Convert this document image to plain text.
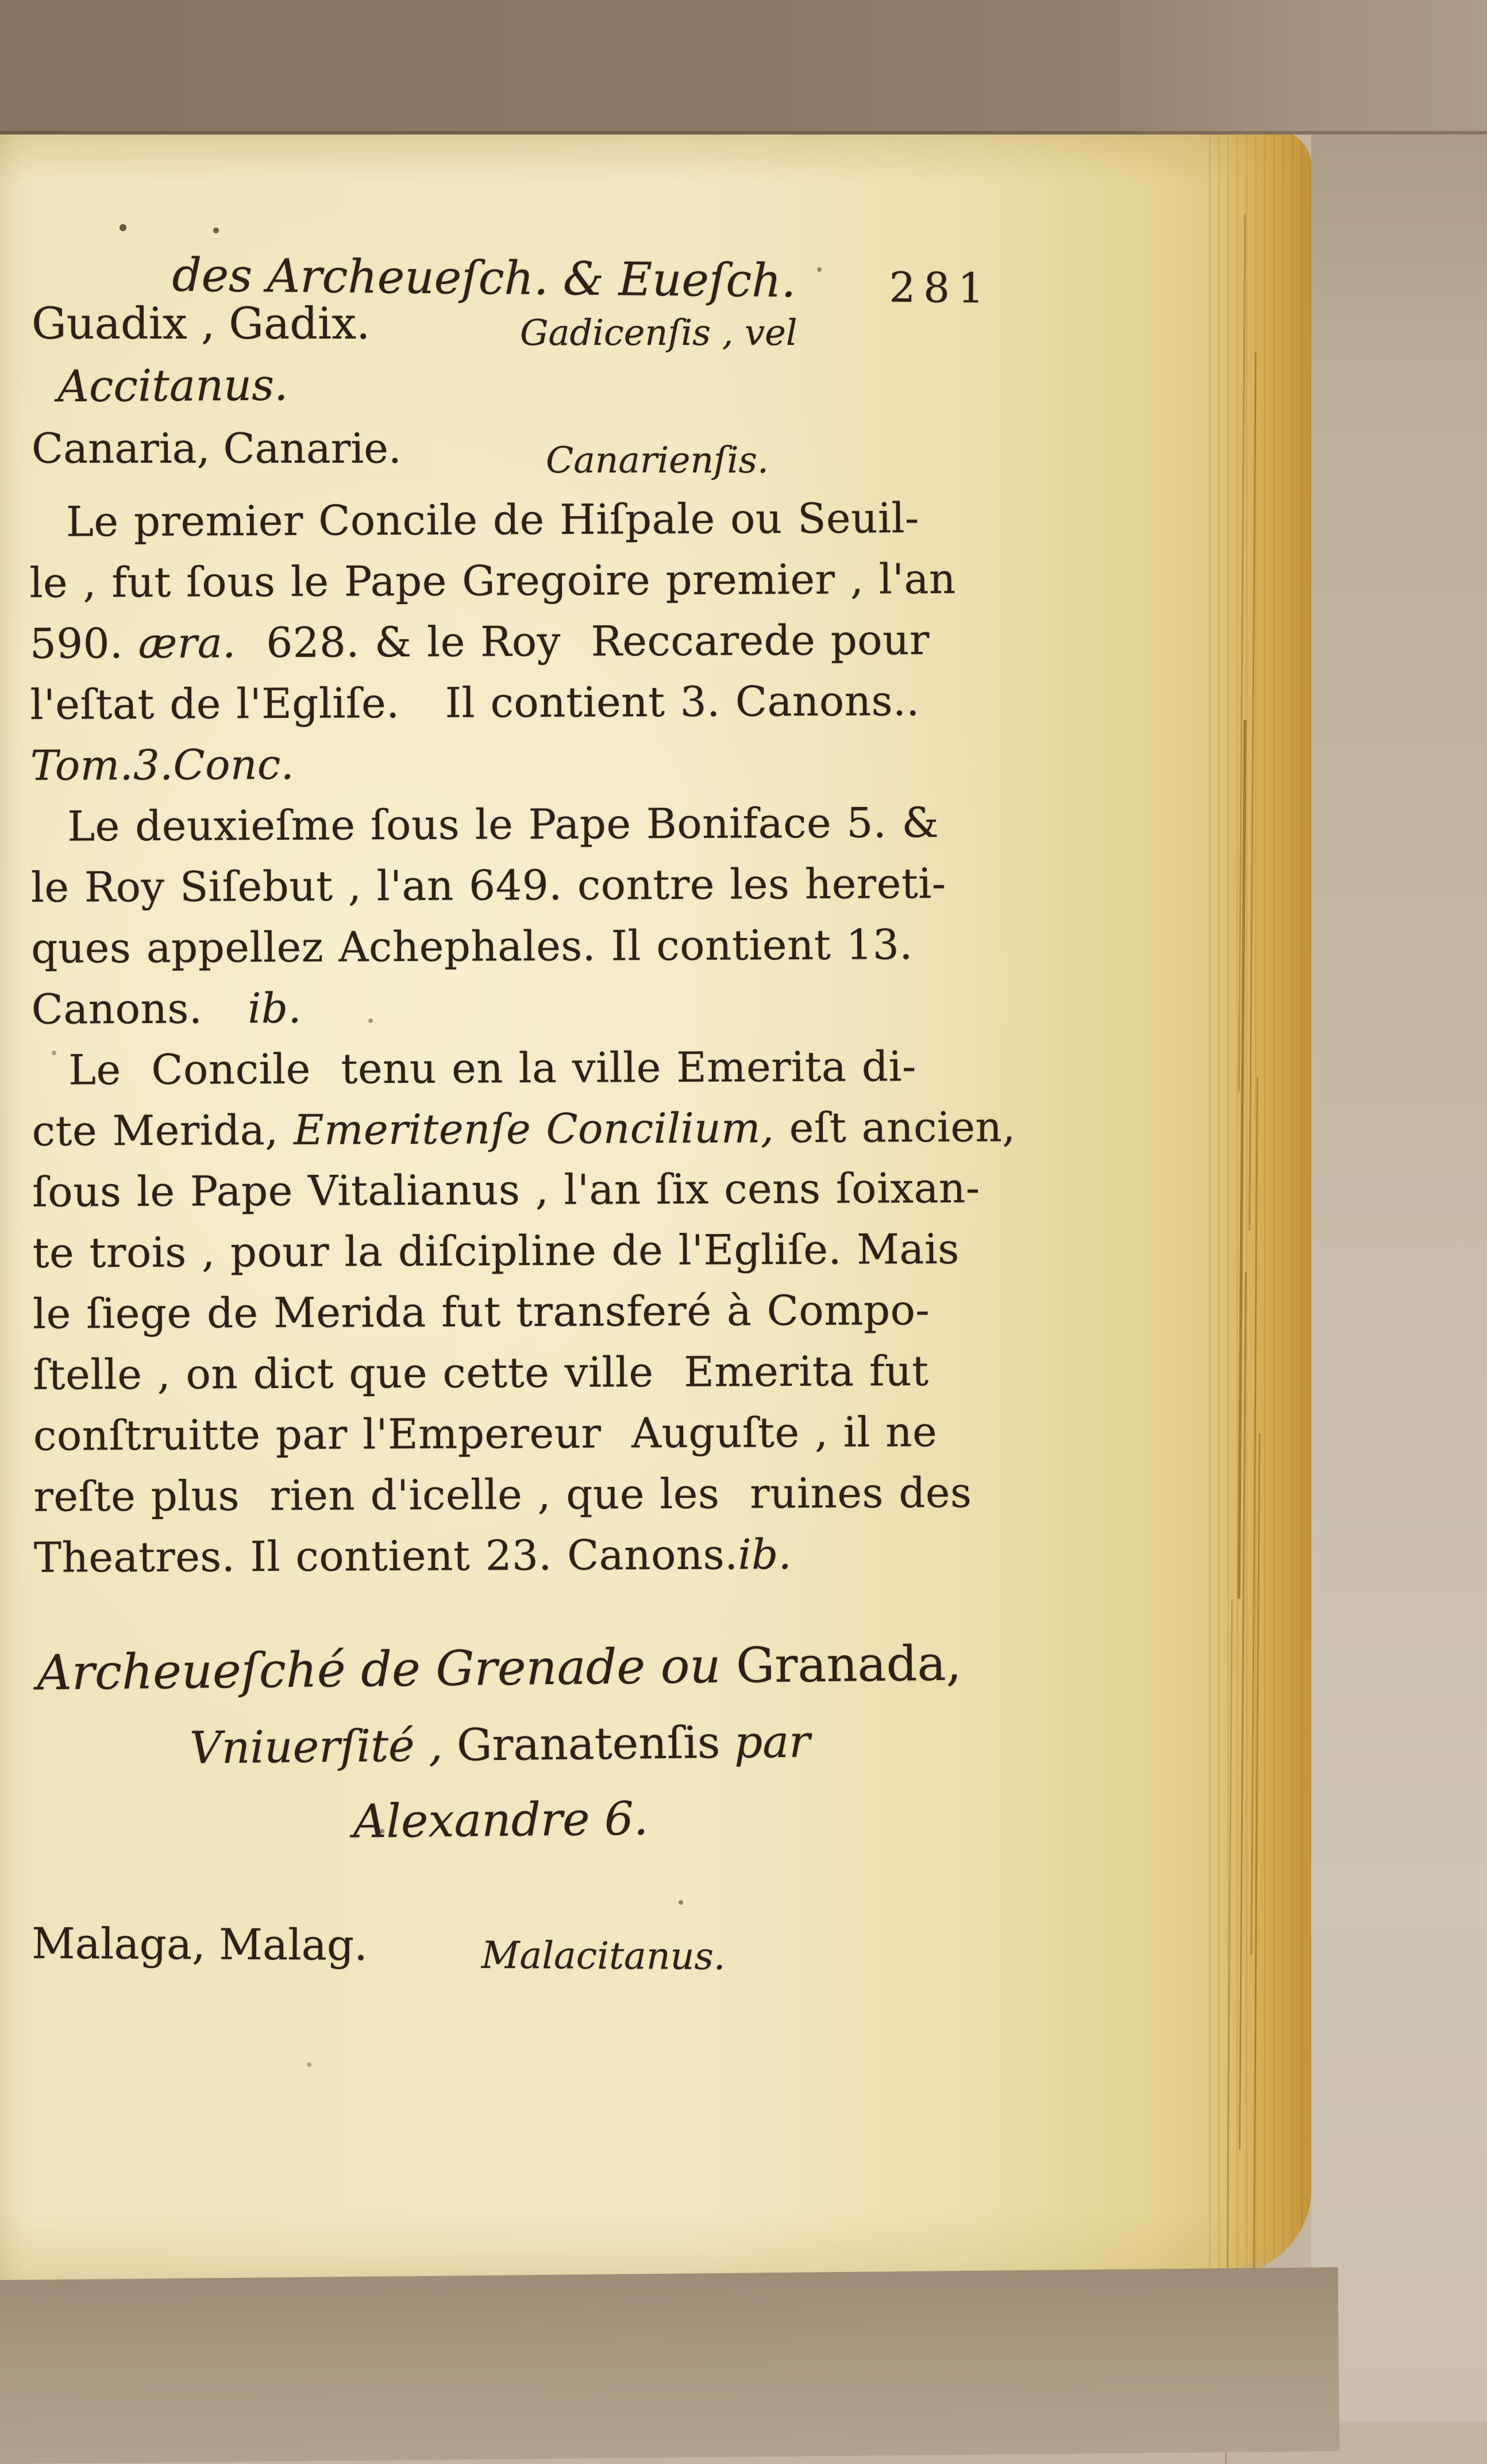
des Archeueſch. & Eueſch. 281

Guadix , Gadix.

	Gadicenſis , vel

Accitanus.

Canaria, Canarie.

	Canarienſis.

Le premier Concile de Hiſpale ou Seuil-
le , fut ſous le Pape Gregoire premier , l'an
590. æra.  628. & le Roy  Reccarede pour
l'eſtat de l'Egliſe.   Il contient 3. Canons..
Tom.3.Conc.
Le deuxieſme ſous le Pape Boniface 5. &
le Roy Siſebut , l'an 649. contre les hereti-
ques appellez Achephales. Il contient 13.
Canons.   ib.
Le  Concile  tenu en la ville Emerita di-
cte Merida, Emeritenſe Concilium, eſt ancien,
ſous le Pape Vitalianus , l'an ſix cens ſoixan-
te trois , pour la diſcipline de l'Egliſe. Mais
le ſiege de Merida fut transferé à Compo-
ſtelle , on dict que cette ville  Emerita fut
conſtruitte par l'Empereur  Auguſte , il ne
reſte plus  rien d'icelle , que les  ruines des
Theatres. Il contient 23. Canons.ib.
Archeueſché de Grenade ou Granada,
Vniuerſité , Granatenſis par
Alexandre 6.

Malaga, Malag.

	Malacitanus.
